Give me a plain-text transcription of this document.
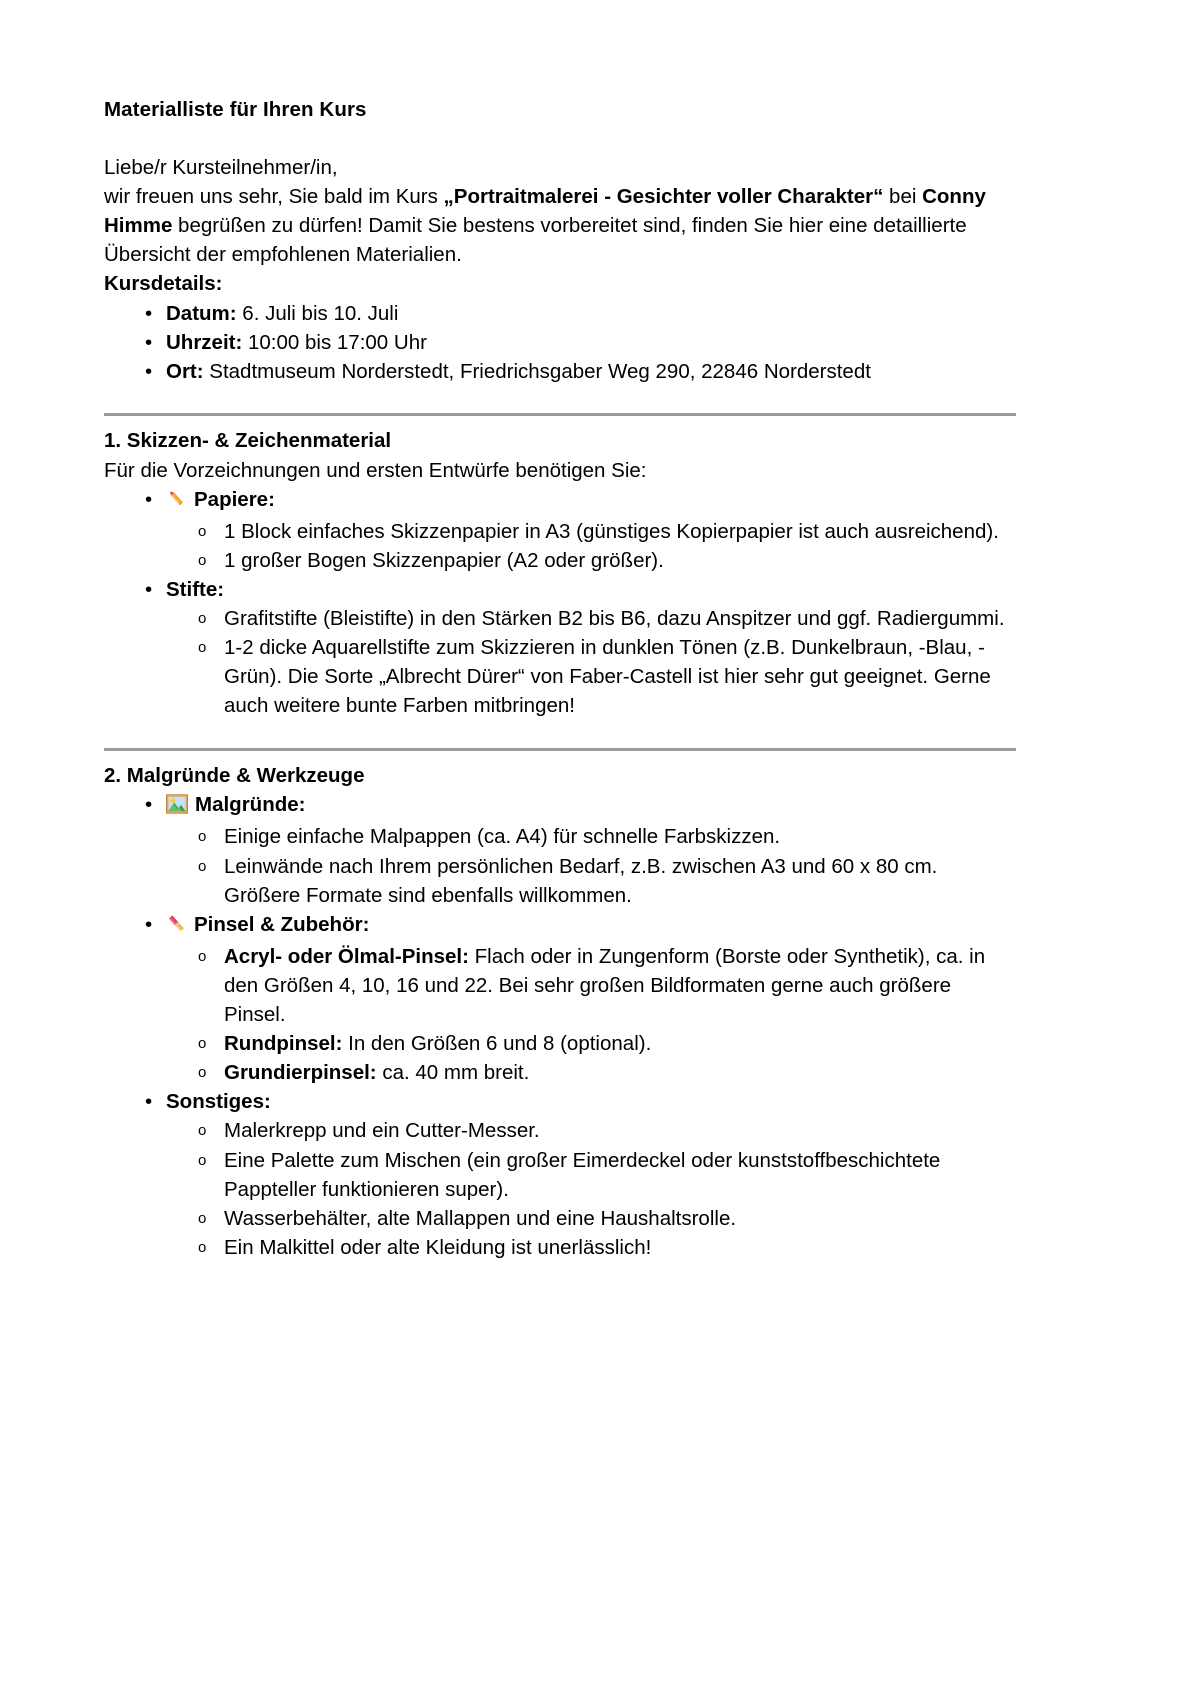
Materialliste für Ihren Kurs

Liebe/r Kursteilnehmer/in,
wir freuen uns sehr, Sie bald im Kurs „Portraitmalerei - Gesichter voller Charakter“ bei Conny Himme begrüßen zu dürfen! Damit Sie bestens vorbereitet sind, finden Sie hier eine detaillierte Übersicht der empfohlenen Materialien.

Kursdetails:

• Datum: 6. Juli bis 10. Juli
• Uhrzeit: 10:00 bis 17:00 Uhr
• Ort: Stadtmuseum Norderstedt, Friedrichsgaber Weg 290, 22846 Norderstedt

1. Skizzen- & Zeichenmaterial

Für die Vorzeichnungen und ersten Entwürfe benötigen Sie:

• Papiere:
o 1 Block einfaches Skizzenpapier in A3 (günstiges Kopierpapier ist auch ausreichend).
o 1 großer Bogen Skizzenpapier (A2 oder größer).
• Stifte:
o Grafitstifte (Bleistifte) in den Stärken B2 bis B6, dazu Anspitzer und ggf. Radiergummi.
o 1-2 dicke Aquarellstifte zum Skizzieren in dunklen Tönen (z.B. Dunkelbraun, -Blau, -Grün). Die Sorte „Albrecht Dürer“ von Faber-Castell ist hier sehr gut geeignet. Gerne auch weitere bunte Farben mitbringen!

2. Malgründe & Werkzeuge

• Malgründe:
o Einige einfache Malpappen (ca. A4) für schnelle Farbskizzen.
o Leinwände nach Ihrem persönlichen Bedarf, z.B. zwischen A3 und 60 x 80 cm. Größere Formate sind ebenfalls willkommen.
• Pinsel & Zubehör:
o Acryl- oder Ölmal-Pinsel: Flach oder in Zungenform (Borste oder Synthetik), ca. in den Größen 4, 10, 16 und 22. Bei sehr großen Bildformaten gerne auch größere Pinsel.
o Rundpinsel: In den Größen 6 und 8 (optional).
o Grundierpinsel: ca. 40 mm breit.
• Sonstiges:
o Malerkrepp und ein Cutter-Messer.
o Eine Palette zum Mischen (ein großer Eimerdeckel oder kunststoffbeschichtete Pappteller funktionieren super).
o Wasserbehälter, alte Mallappen und eine Haushaltsrolle.
o Ein Malkittel oder alte Kleidung ist unerlässlich!
